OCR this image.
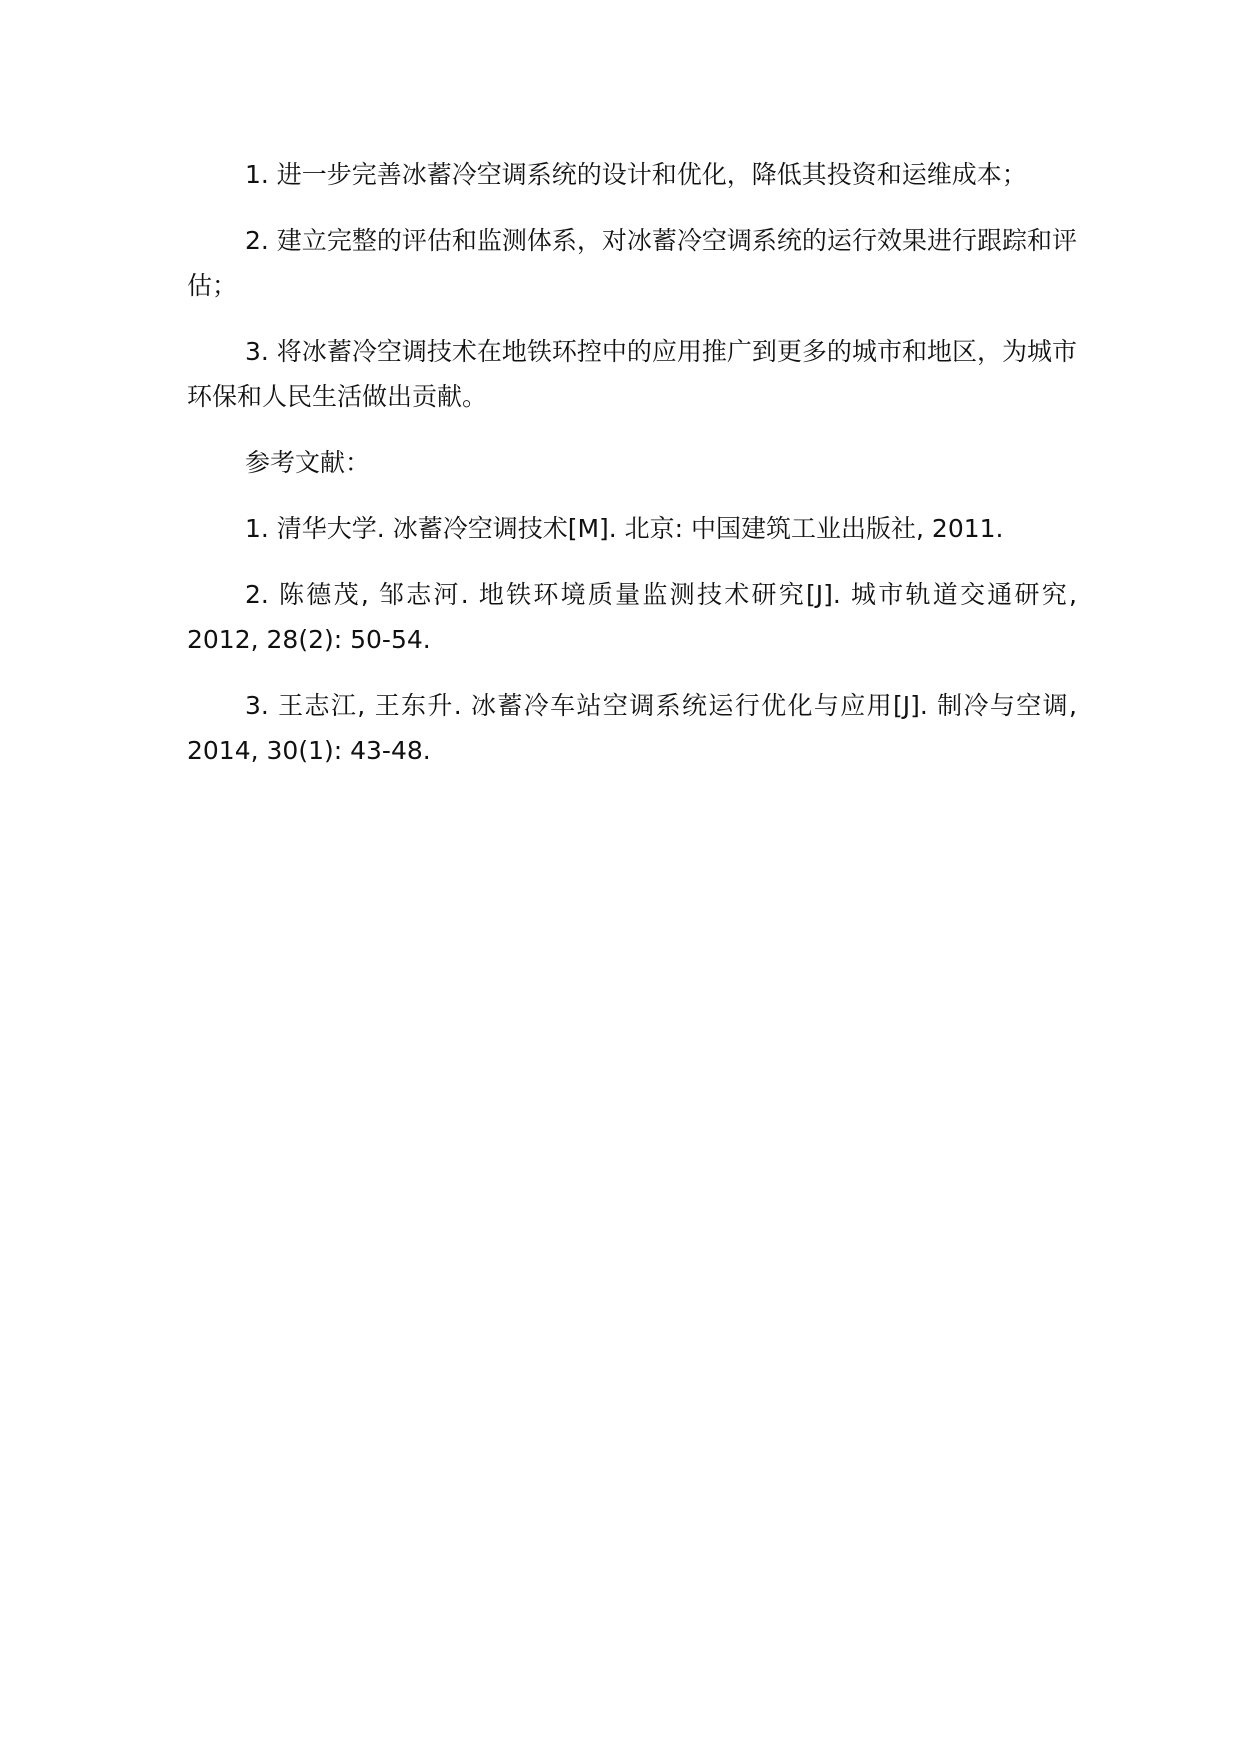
1. 进一步完善冰蓄冷空调系统的设计和优化，降低其投资和运维成本；

2. 建立完整的评估和监测体系，对冰蓄冷空调系统的运行效果进行跟踪和评估；

3. 将冰蓄冷空调技术在地铁环控中的应用推广到更多的城市和地区，为城市环保和人民生活做出贡献。

参考文献：

1. 清华大学. 冰蓄冷空调技术[M]. 北京: 中国建筑工业出版社, 2011.

2. 陈德茂, 邹志河. 地铁环境质量监测技术研究[J]. 城市轨道交通研究, 2012, 28(2): 50-54.

3. 王志江, 王东升. 冰蓄冷车站空调系统运行优化与应用[J]. 制冷与空调, 2014, 30(1): 43-48.
